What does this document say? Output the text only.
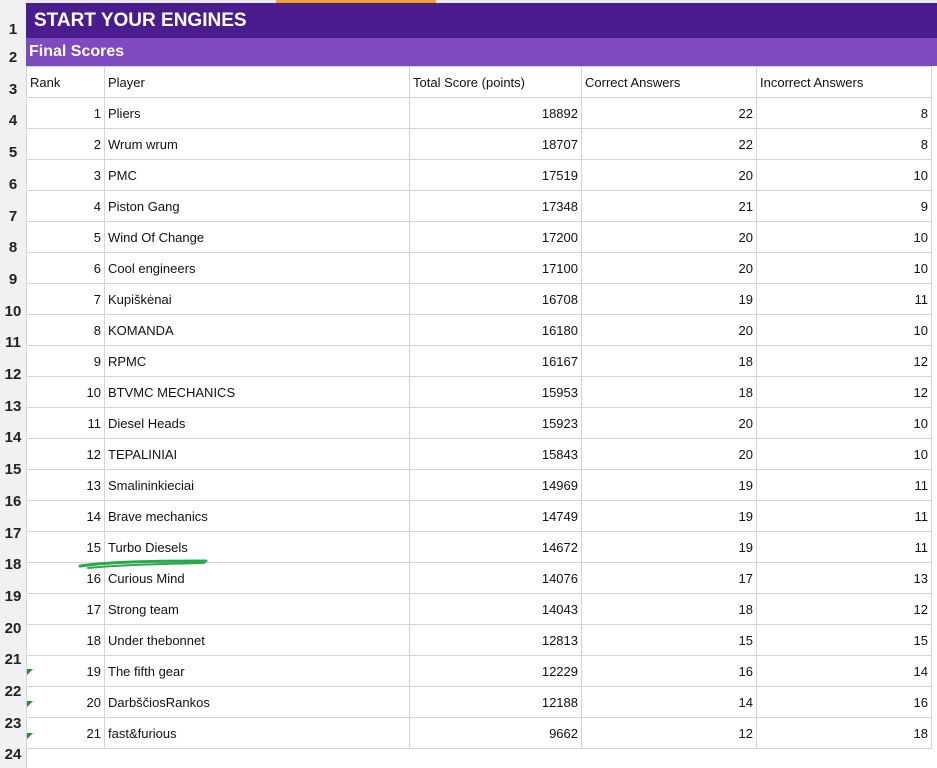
1
2
3
4
5
6
7
8
9
10
11
12
13
14
15
16
17
18
19
20
21
22
23
24
START YOUR ENGINES
Final Scores
Rank	Player	Total Score (points)	Correct Answers	Incorrect Answers
1	Pliers	18892	22	8
2	Wrum wrum	18707	22	8
3	PMC	17519	20	10
4	Piston Gang	17348	21	9
5	Wind Of Change	17200	20	10
6	Cool engineers	17100	20	10
7	Kupiškėnai	16708	19	11
8	KOMANDA	16180	20	10
9	RPMC	16167	18	12
10	BTVMC MECHANICS	15953	18	12
11	Diesel Heads	15923	20	10
12	TEPALINIAI	15843	20	10
13	Smalininkieciai	14969	19	11
14	Brave mechanics	14749	19	11
15	Turbo Diesels	14672	19	11
16	Curious Mind	14076	17	13
17	Strong team	14043	18	12
18	Under thebonnet	12813	15	15
19	The fifth gear	12229	16	14
20	DarbščiosRankos	12188	14	16
21	fast&furious	9662	12	18
